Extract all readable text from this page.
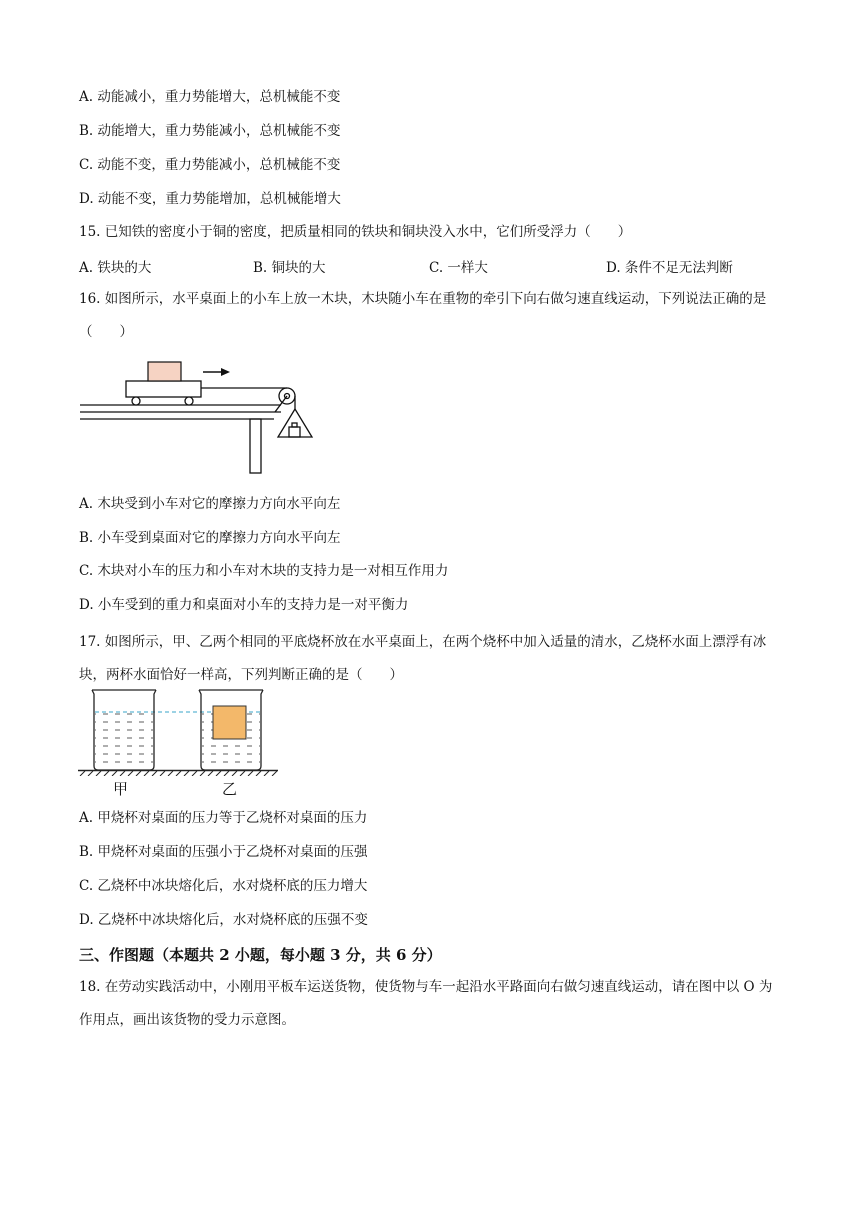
A. 动能减小，重力势能增大，总机械能不变
B. 动能增大，重力势能减小，总机械能不变
C. 动能不变，重力势能减小，总机械能不变
D. 动能不变，重力势能增加，总机械能增大
15. 已知铁的密度小于铜的密度，把质量相同的铁块和铜块没入水中，它们所受浮力（　　）
A. 铁块的大	B. 铜块的大	C. 一样大	D. 条件不足无法判断
16. 如图所示，水平桌面上的小车上放一木块，木块随小车在重物的牵引下向右做匀速直线运动，下列说法正确的是（　　）
A. 木块受到小车对它的摩擦力方向水平向左
B. 小车受到桌面对它的摩擦力方向水平向左
C. 木块对小车的压力和小车对木块的支持力是一对相互作用力
D. 小车受到的重力和桌面对小车的支持力是一对平衡力
17. 如图所示，甲、乙两个相同的平底烧杯放在水平桌面上，在两个烧杯中加入适量的清水，乙烧杯水面上漂浮有冰块，两杯水面恰好一样高，下列判断正确的是（　　）
甲	乙
A. 甲烧杯对桌面的压力等于乙烧杯对桌面的压力
B. 甲烧杯对桌面的压强小于乙烧杯对桌面的压强
C. 乙烧杯中冰块熔化后，水对烧杯底的压力增大
D. 乙烧杯中冰块熔化后，水对烧杯底的压强不变
三、作图题（本题共 2 小题，每小题 3 分，共 6 分）
18. 在劳动实践活动中，小刚用平板车运送货物，使货物与车一起沿水平路面向右做匀速直线运动，请在图中以 O 为作用点，画出该货物的受力示意图。
